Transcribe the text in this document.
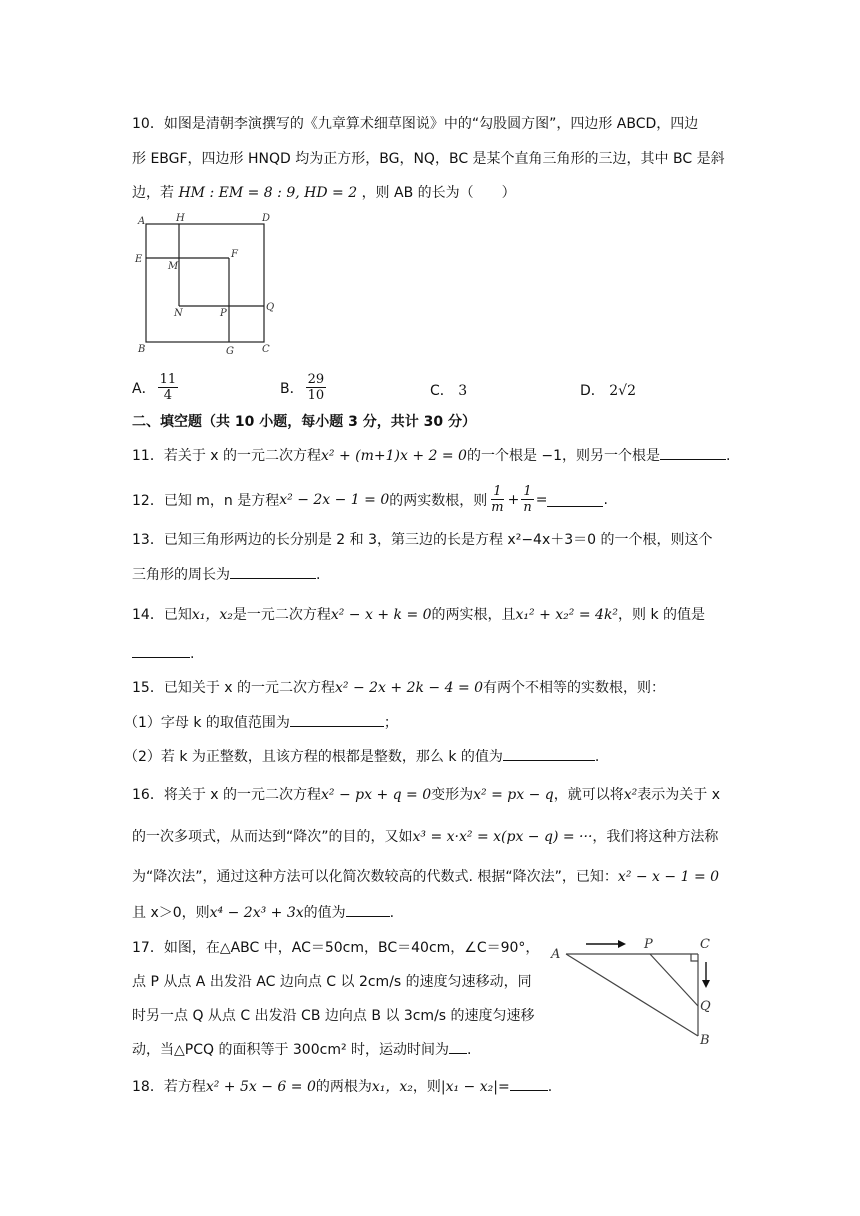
10．如图是清朝李演撰写的《九章算术细草图说》中的“勾股圆方图”，四边形 ABCD，四边
形 EBGF，四边形 HNQD 均为正方形，BG，NQ，BC 是某个直角三角形的三边，其中 BC 是斜
边，若 HM : EM = 8 : 9, HD = 2 ，则 AB 的长为（　　）
A	H	D
E
M
F
N	P
Q
B	G	C
A． $\frac{11}{4}$	B． $\frac{29}{10}$	C． 3	D． 2√2
二、填空题（共 10 小题，每小题 3 分，共计 30 分）
11．若关于 x 的一元二次方程x² + (m+1)x + 2 = 0的一个根是 −1，则另一个根是	.
12．已知 m，n 是方程 x² − 2x − 1 = 0 的两实数根，则 $\frac{1}{m} + \frac{1}{n}$ =	.
13．已知三角形两边的长分别是 2 和 3，第三边的长是方程 x²−4x＋3＝0 的一个根，则这个
三角形的周长为	.
14．已知x₁，x₂是一元二次方程x² − x + k = 0的两实根，且x₁² + x₂² = 4k²，则 k 的值是
.
15．已知关于 x 的一元二次方程x² − 2x + 2k − 4 = 0有两个不相等的实数根，则：
（1）字母 k 的取值范围为	；
（2）若 k 为正整数，且该方程的根都是整数，那么 k 的值为	.
16．将关于 x 的一元二次方程x² − px + q = 0变形为x² = px − q，就可以将x²表示为关于 x
的一次多项式，从而达到“降次”的目的，又如x³ = x·x² = x(px − q) = ···，我们将这种方法称
为“降次法”，通过这种方法可以化简次数较高的代数式. 根据“降次法”，已知：x² − x − 1 = 0
且 x＞0，则x⁴ − 2x³ + 3x的值为	.
17．如图，在△ABC 中，AC＝50cm，BC＝40cm，∠C＝90°，
点 P 从点 A 出发沿 AC 边向点 C 以 2cm/s 的速度匀速移动，同
时另一点 Q 从点 C 出发沿 CB 边向点 B 以 3cm/s 的速度匀速移
动，当△PCQ 的面积等于 300cm² 时，运动时间为 .
A
P	C
Q
B
18．若方程x² + 5x − 6 = 0的两根为x₁，x₂，则|x₁ − x₂|=	.
